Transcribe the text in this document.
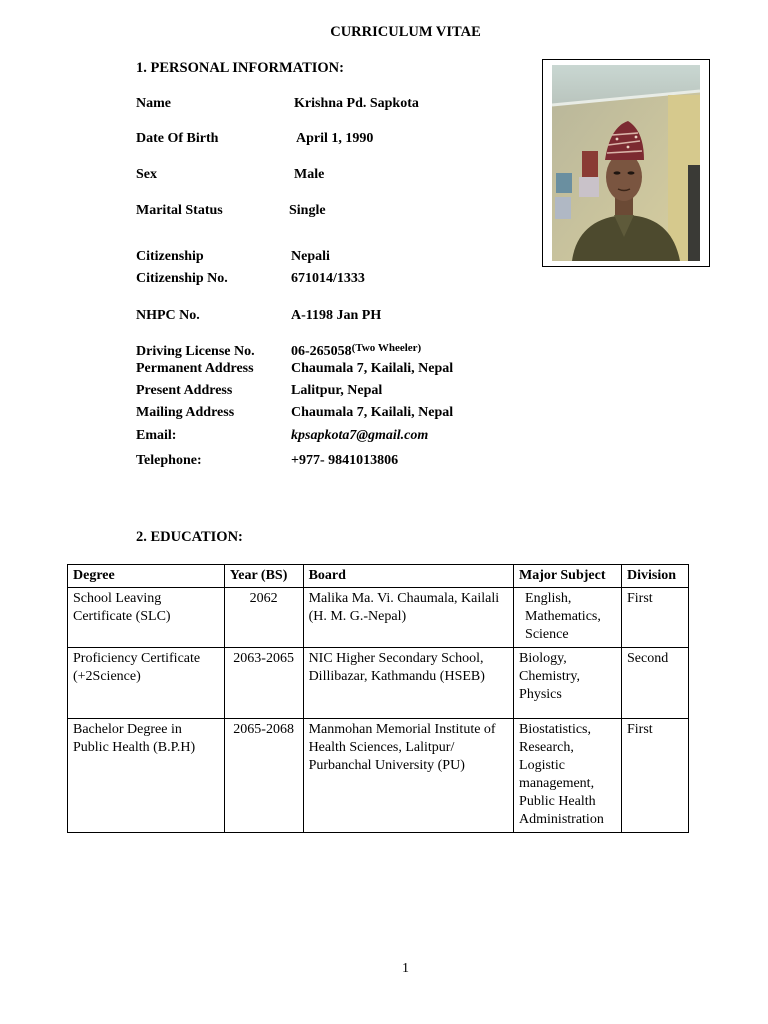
CURRICULUM VITAE
1. PERSONAL INFORMATION:
Name	Krishna Pd. Sapkota
Date Of Birth	April 1, 1990
Sex	Male
Marital Status	Single
Citizenship	Nepali
Citizenship No.	671014/1333
NHPC No.	A-1198 Jan PH
Driving License No.	$06-265058^{(Two Wheeler)}$
Permanent Address	Chaumala 7, Kailali, Nepal
Present Address	Lalitpur, Nepal
Mailing Address	Chaumala 7, Kailali, Nepal
Email:	kpsapkota7@gmail.com
Telephone:	+977- 9841013806
2. EDUCATION:
Degree	Year (BS)	Board	Major Subject	Division
School Leaving Certificate (SLC)	2062	Malika Ma. Vi. Chaumala, Kailali (H. M. G.-Nepal)	English, Mathematics, Science	First
Proficiency Certificate (+2Science)	2063-2065	NIC Higher Secondary School, Dillibazar, Kathmandu (HSEB)	Biology, Chemistry, Physics	Second
Bachelor Degree in Public Health (B.P.H)	2065-2068	Manmohan Memorial Institute of Health Sciences, Lalitpur/ Purbanchal University (PU)	Biostatistics, Research, Logistic management, Public Health Administration	First
1
